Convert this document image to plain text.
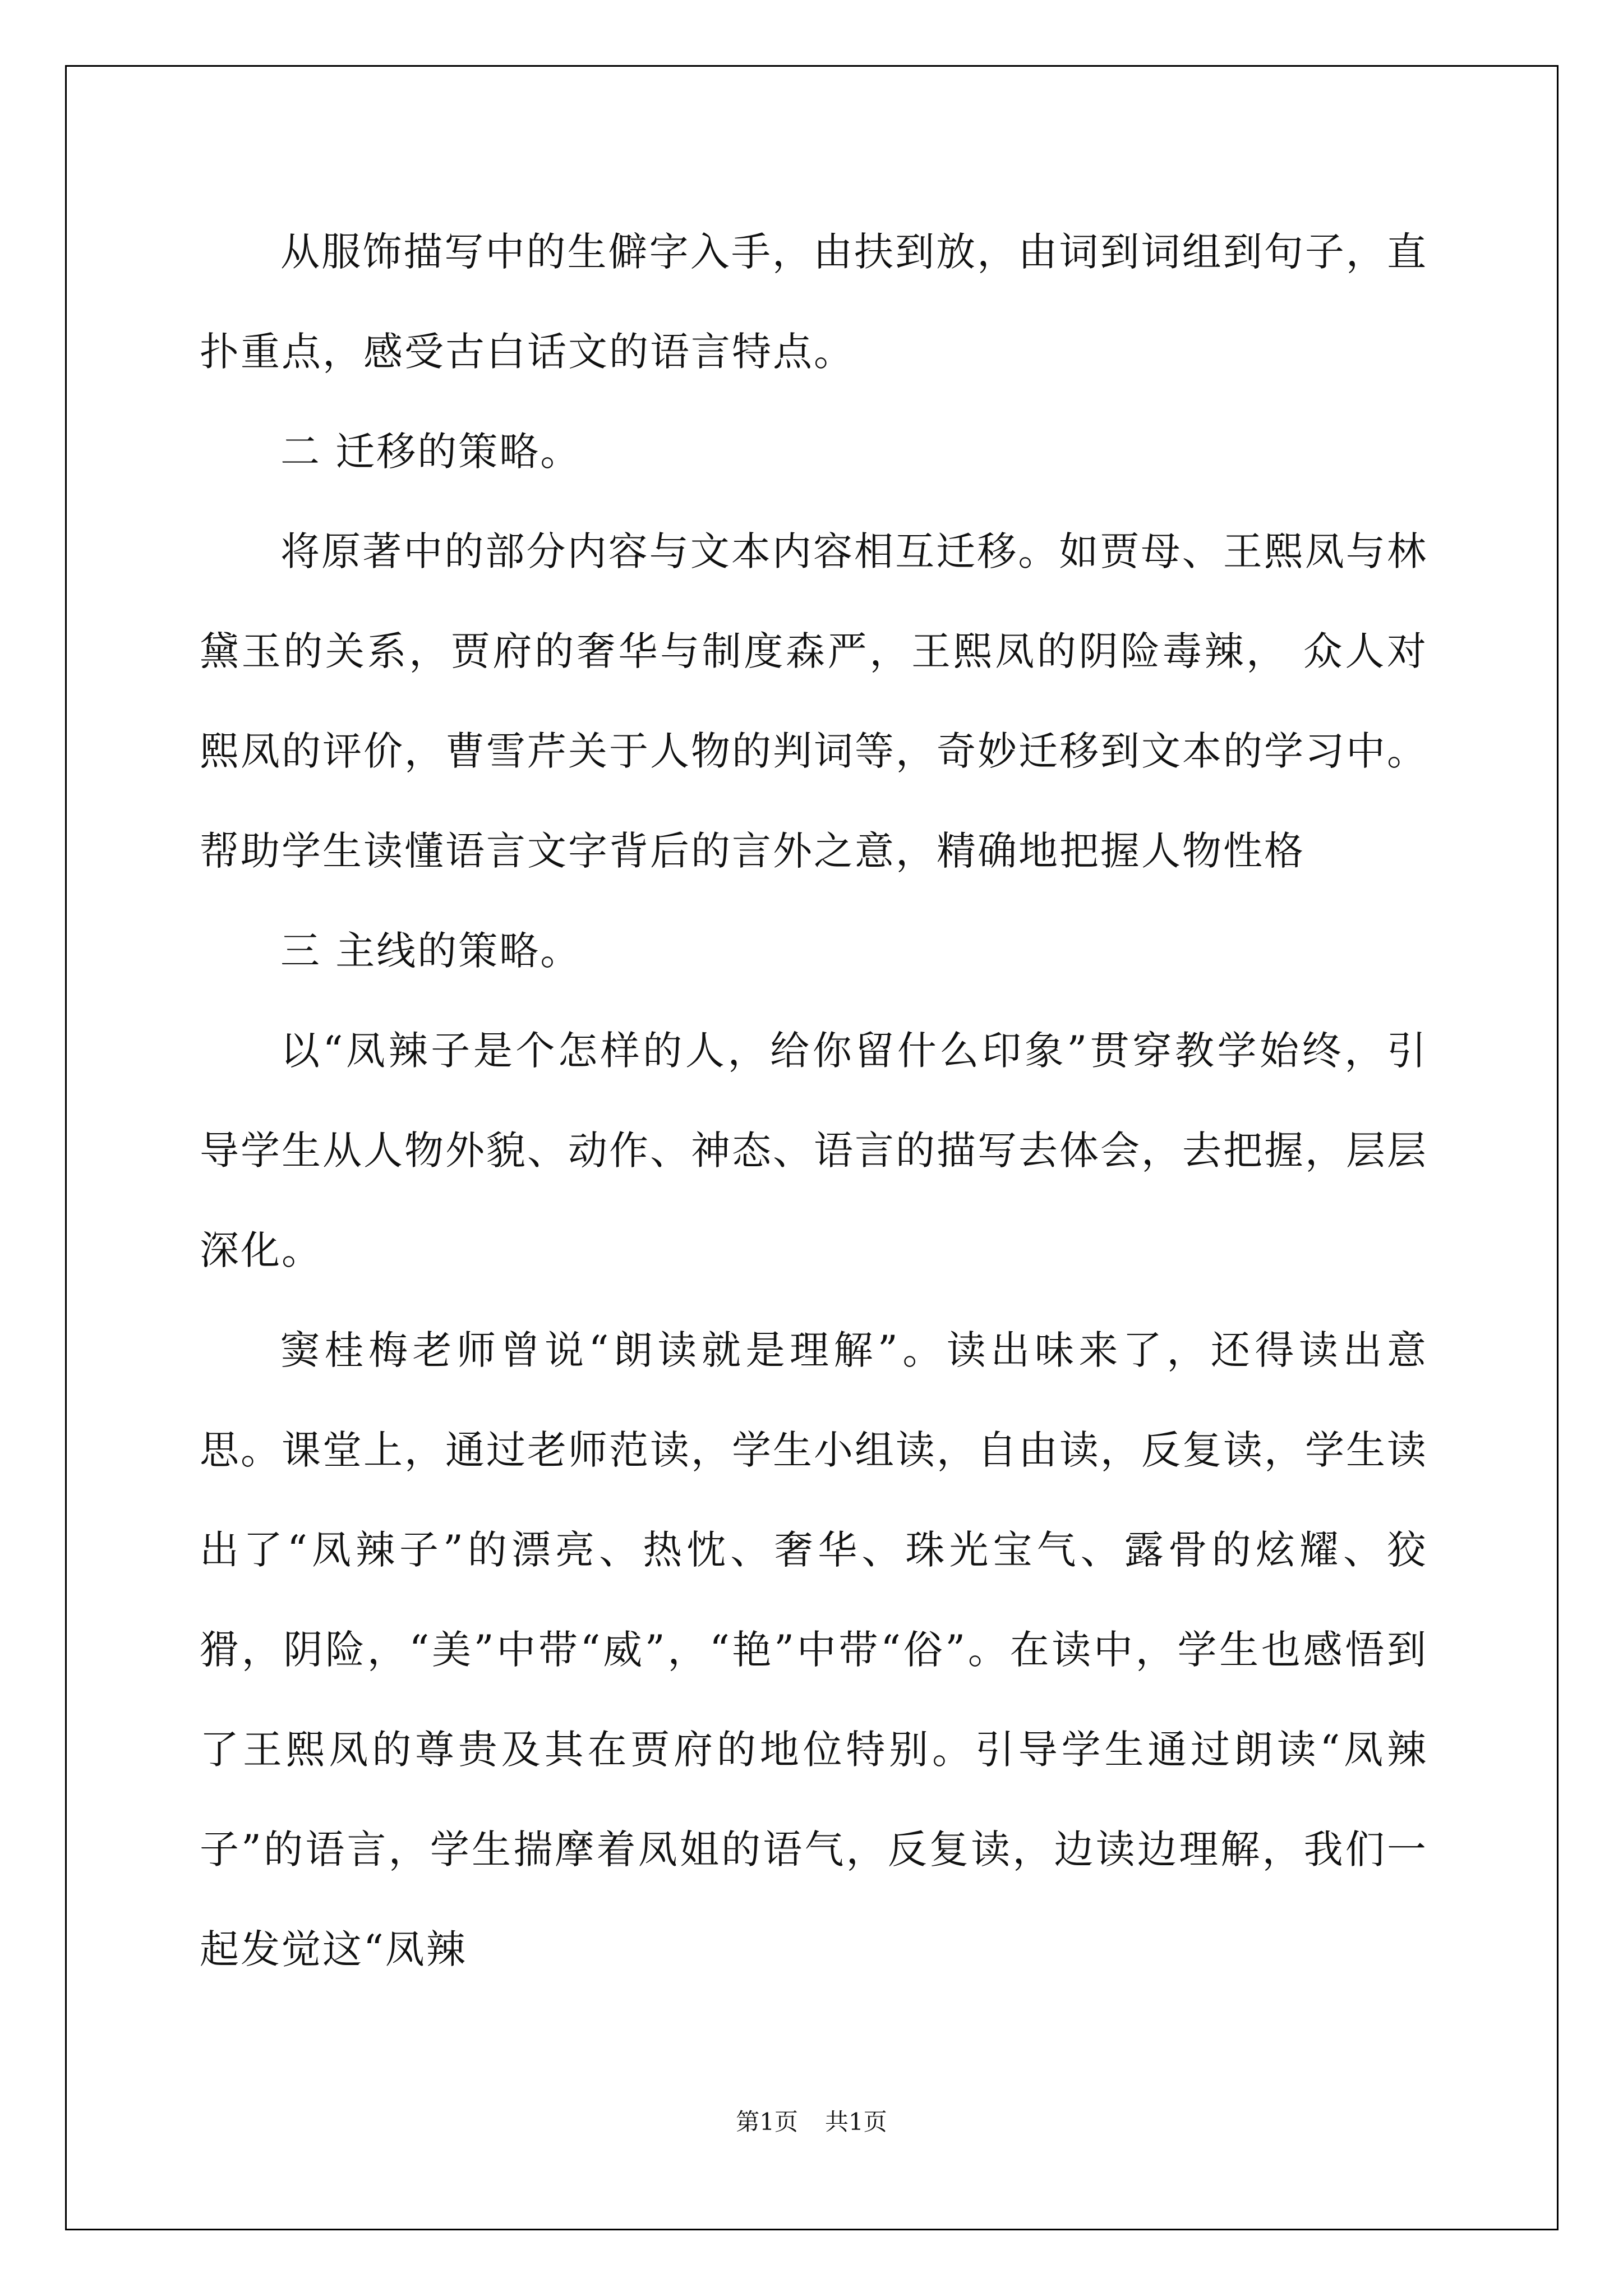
从服饰描写中的生僻字入手，由扶到放，由词到词组到句子，直扑重点，感受古白话文的语言特点。

二 迁移的策略。

将原著中的部分内容与文本内容相互迁移。如贾母、王熙凤与林黛玉的关系，贾府的奢华与制度森严，王熙凤的阴险毒辣， 众人对熙凤的评价，曹雪芹关于人物的判词等，奇妙迁移到文本的学习中。帮助学生读懂语言文字背后的言外之意，精确地把握人物性格

三 主线的策略。

以“凤辣子是个怎样的人，给你留什么印象”贯穿教学始终，引导学生从人物外貌、动作、神态、语言的描写去体会，去把握，层层深化。

窦桂梅老师曾说“朗读就是理解”。读出味来了，还得读出意思。课堂上，通过老师范读，学生小组读，自由读，反复读，学生读出了“凤辣子”的漂亮、热忱、奢华、珠光宝气、露骨的炫耀、狡猾，阴险，“美”中带“威”，“艳”中带“俗”。在读中，学生也感悟到了王熙凤的尊贵及其在贾府的地位特别。引导学生通过朗读“凤辣子”的语言，学生揣摩着凤姐的语气，反复读，边读边理解，我们一起发觉这“凤辣

第1页 共1页
